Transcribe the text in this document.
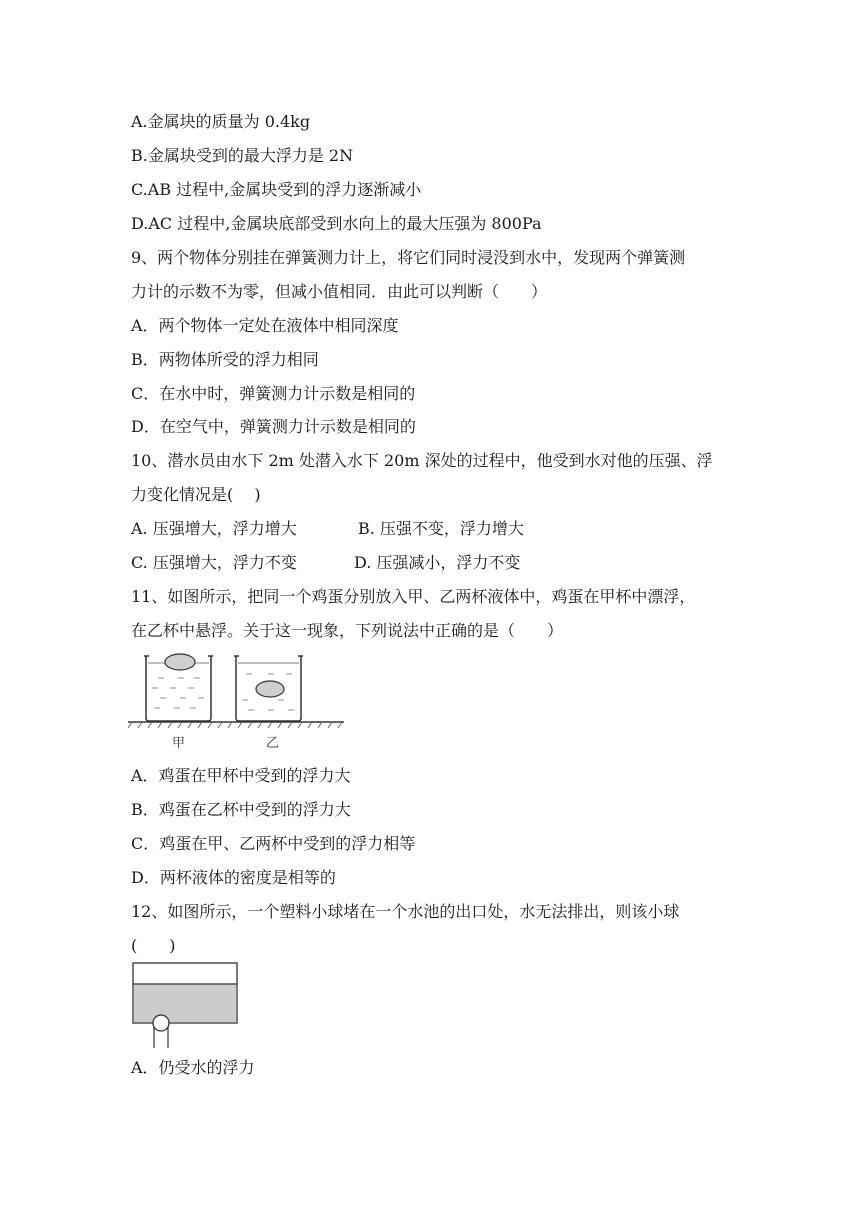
A.金属块的质量为 0.4kg
B.金属块受到的最大浮力是 2N
C.AB 过程中,金属块受到的浮力逐渐减小
D.AC 过程中,金属块底部受到水向上的最大压强为 800Pa
9、两个物体分别挂在弹簧测力计上，将它们同时浸没到水中，发现两个弹簧测
力计的示数不为零，但减小值相同．由此可以判断（　　）
A．两个物体一定处在液体中相同深度
B．两物体所受的浮力相同
C．在水中时，弹簧测力计示数是相同的
D．在空气中，弹簧测力计示数是相同的
10、潜水员由水下 2m 处潜入水下 20m 深处的过程中，他受到水对他的压强、浮
力变化情况是(　 )
A. 压强增大，浮力增大	B. 压强不变，浮力增大
C. 压强增大，浮力不变	D. 压强减小，浮力不变
11、如图所示，把同一个鸡蛋分别放入甲、乙两杯液体中，鸡蛋在甲杯中漂浮，
在乙杯中悬浮。关于这一现象，下列说法中正确的是（　　）
甲	乙
A．鸡蛋在甲杯中受到的浮力大
B．鸡蛋在乙杯中受到的浮力大
C．鸡蛋在甲、乙两杯中受到的浮力相等
D．两杯液体的密度是相等的
12、如图所示，一个塑料小球堵在一个水池的出口处，水无法排出，则该小球
(　　)
A．仍受水的浮力
